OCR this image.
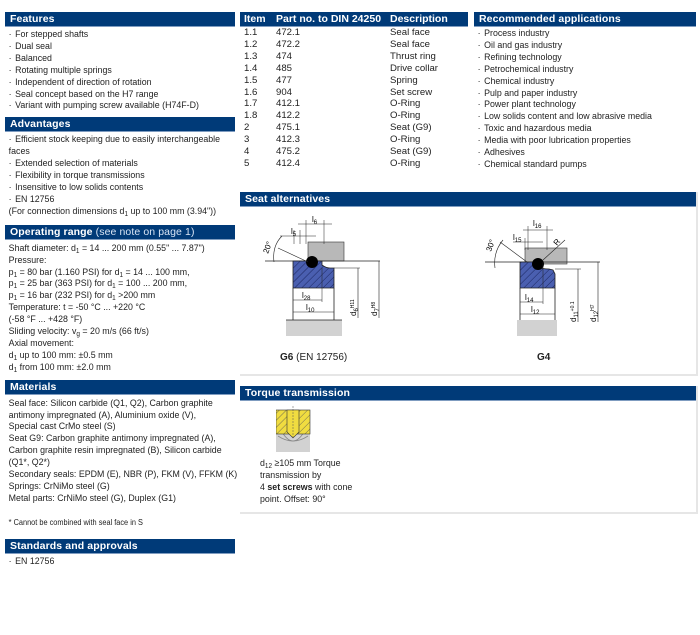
Features
· For stepped shafts
· Dual seal
· Balanced
· Rotating multiple springs
· Independent of direction of rotation
· Seal concept based on the H7 range
· Variant with pumping screw available (H74F-D)
Advantages
· Efficient stock keeping due to easily interchangeable
faces
· Extended selection of materials
· Flexibility in torque transmissions
· Insensitive to low solids contents
· EN 12756
(For connection dimensions $d_1$ up to 100 mm (3.94"))
Operating range (see note on page 1)
Shaft diameter: $d_1 = 14$ ... 200 mm (0.55" ... 7.87")
Pressure:
$p_1 = 80$ bar (1.160 PSI) for $d_1 = 14$ ... 100 mm,
$p_1 = 25$ bar (363 PSI) for $d_1 = 100$ ... 200 mm,
$p_1 = 16$ bar (232 PSI) for $d_1 >200$ mm
Temperature: t = -50 °C ... +220 °C
(-58 °F ... +428 °F)
Sliding velocity: $v_g = 20$ m/s (66 ft/s)
Axial movement:
$d_1$ up to 100 mm: ±0.5 mm
$d_1$ from 100 mm: ±2.0 mm
Materials
Seal face: Silicon carbide (Q1, Q2), Carbon graphite
antimony impregnated (A), Aluminium oxide (V),
Special cast CrMo steel (S)
Seat G9: Carbon graphite antimony impregnated (A),
Carbon graphite resin impregnated (B), Silicon carbide
(Q1*, Q2*)
Secondary seals: EPDM (E), NBR (P), FKM (V), FFKM (K)
Springs: CrNiMo steel (G)
Metal parts: CrNiMo steel (G), Duplex (G1)
* Cannot be combined with seal face in S
Standards and approvals
· EN 12756
Item	Part no. to DIN 24250	Description
1.1	472.1	Seal face
1.2	472.2	Seal face
1.3	474	Thrust ring
1.4	485	Drive collar
1.5	477	Spring
1.6	904	Set screw
1.7	412.1	O-Ring
1.8	412.2	O-Ring
2	475.1	Seat (G9)
3	412.3	O-Ring
4	475.2	Seat (G9)
5	412.4	O-Ring
Recommended applications
· Process industry
· Oil and gas industry
· Refining technology
· Petrochemical industry
· Chemical industry
· Pulp and paper industry
· Power plant technology
· Low solids content and low abrasive media
· Toxic and hazardous media
· Media with poor lubrication properties
· Adhesives
· Chemical standard pumps
Seat alternatives
20°
$l_6$
$l_5$
$l_{28}$
$l_{10}$	$d_6^{H11}$
$d_7^{H8}$
G6 (EN 12756)
30°	R
$l_{16}$
$l_{15}$
$l_{14}$
$l_{12}$
$d_{11}^{+0.1}$
$d_{12}^{H7}$
G4
Torque transmission
$d_{12} \ge 105$ mm Torque
transmission by
4 set screws with cone
point. Offset: 90°
